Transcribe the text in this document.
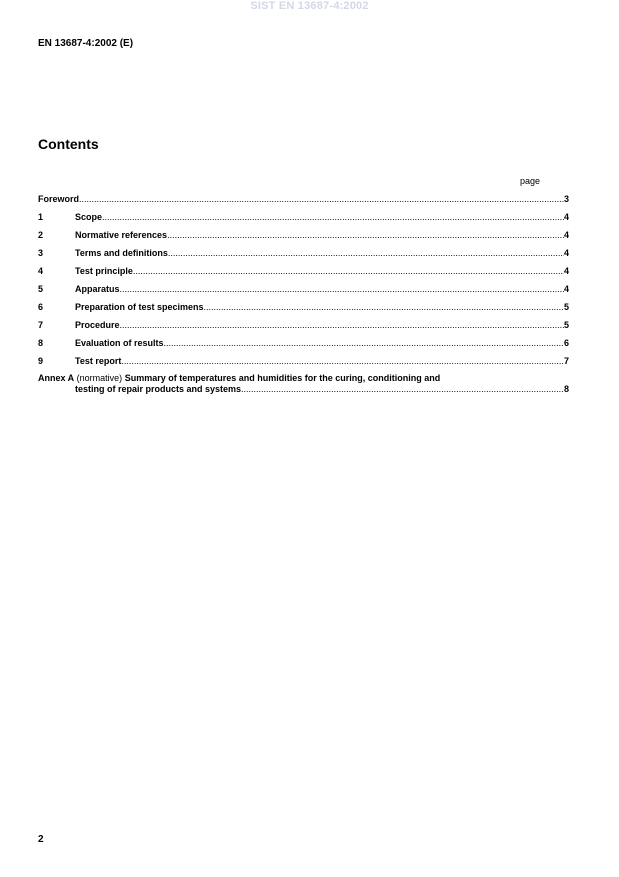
SIST EN 13687-4:2002
EN 13687-4:2002 (E)
Contents
page
Foreword .....	3
1	Scope .....	4
2	Normative references .....	4
3	Terms and definitions .....	4
4	Test principle .....	4
5	Apparatus .....	4
6	Preparation of test specimens .....	5
7	Procedure .....	5
8	Evaluation of results .....	6
9	Test report .....	7
Annex A (normative) Summary of temperatures and humidities for the curing, conditioning and
testing of repair products and systems .....	8
2
